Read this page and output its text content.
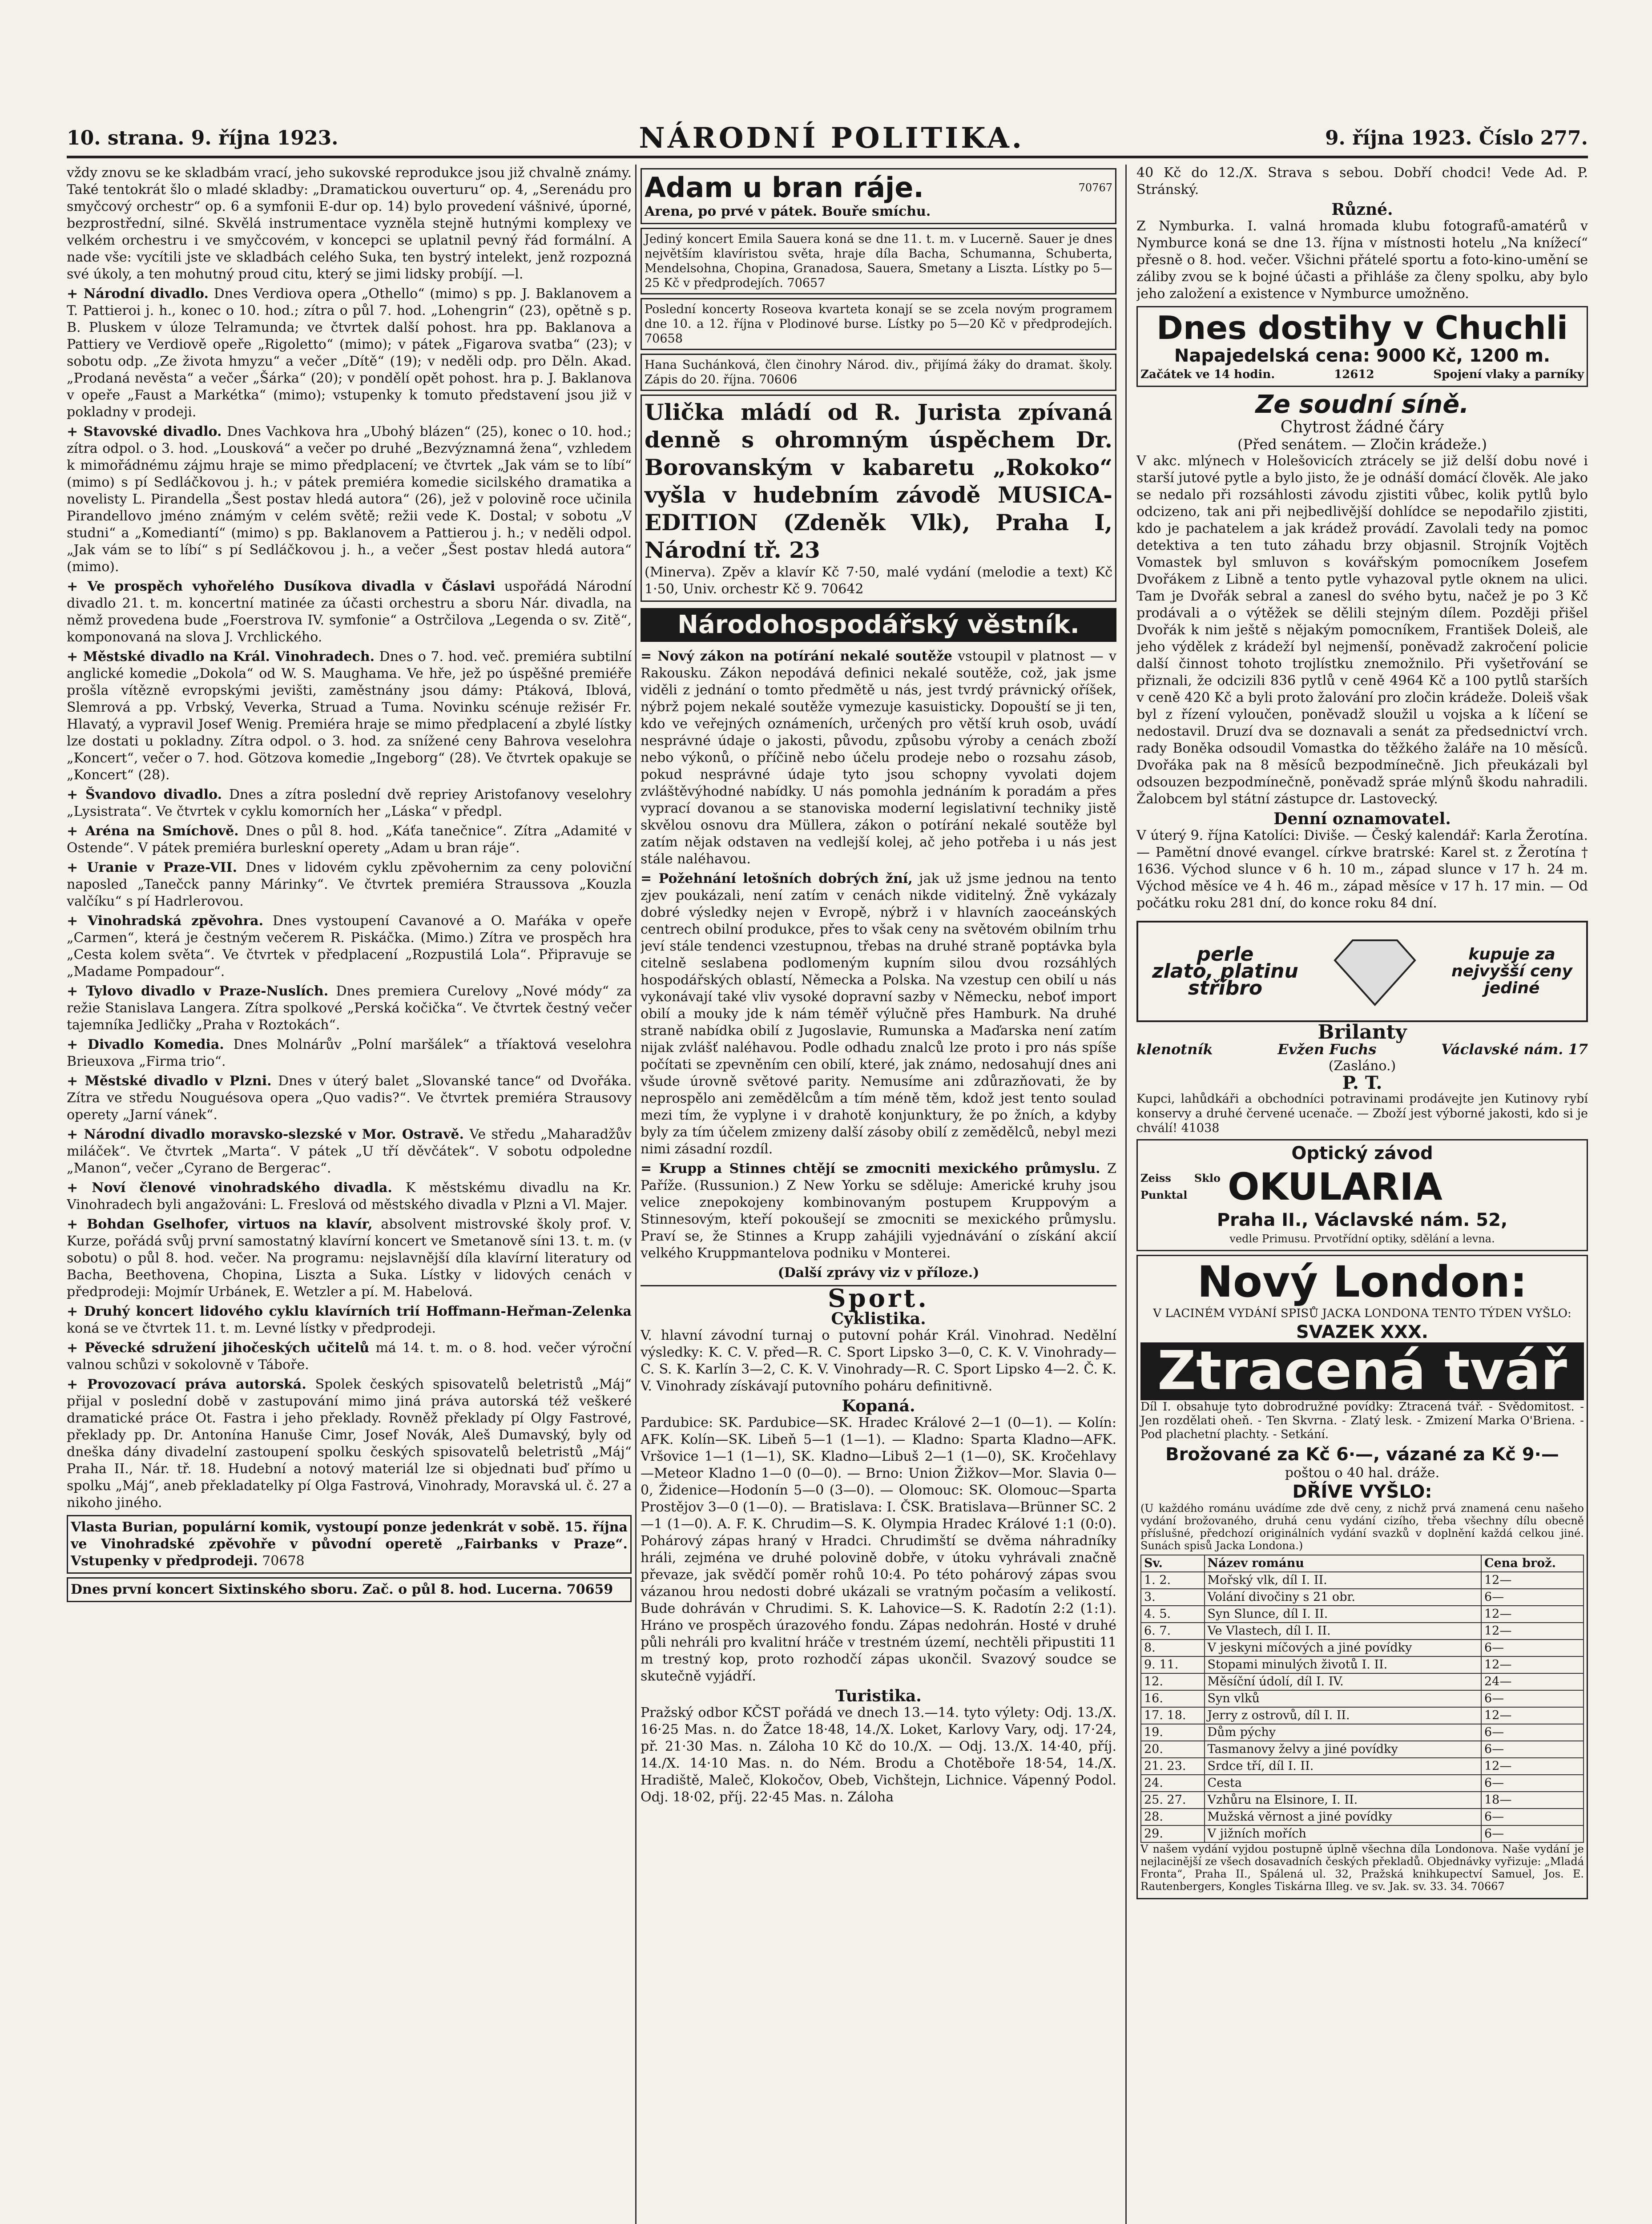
10. strana. 9. října 1923.	NÁRODNÍ POLITIKA.	9. října 1923. Číslo 277.

vždy znovu se ke skladbám vrací, jeho sukovské reprodukce jsou již chvalně známy. Také tentokrát šlo o mladé skladby: „Dramatickou ouverturu“ op. 4, „Serenádu pro smyčcový orchestr“ op. 6 a symfonii E-dur op. 14) bylo provedení vášnivé, úporné, bezprostřední, silné. Skvělá instrumentace vyzněla stejně hutnými komplexy ve velkém orchestru i ve smyčcovém, v koncepci se uplatnil pevný řád formální. A nade vše: vycítili jste ve skladbách celého Suka, ten bystrý intelekt, jenž rozpozná své úkoly, a ten mohutný proud citu, který se jimi lidsky probíjí. —l.

+ Národní divadlo. Dnes Verdiova opera „Othello“ (mimo) s pp. J. Baklanovem a T. Pattieroi j. h., konec o 10. hod.; zítra o půl 7. hod. „Lohengrin“ (23), opětně s p. B. Pluskem v úloze Telramunda; ve čtvrtek další pohost. hra pp. Baklanova a Pattiery ve Verdiově opeře „Rigoletto“ (mimo); v pátek „Figarova svatba“ (23); v sobotu odp. „Ze života hmyzu“ a večer „Dítě“ (19); v neděli odp. pro Děln. Akad. „Prodaná nevěsta“ a večer „Šárka“ (20); v pondělí opět pohost. hra p. J. Baklanova v opeře „Faust a Markétka“ (mimo); vstupenky k tomuto představení jsou již v pokladny v prodeji.

+ Stavovské divadlo. Dnes Vachkova hra „Ubohý blázen“ (25), konec o 10. hod.; zítra odpol. o 3. hod. „Lousková“ a večer po druhé „Bezvýznamná žena“, vzhledem k mimořádnému zájmu hraje se mimo předplacení; ve čtvrtek „Jak vám se to líbí“ (mimo) s pí Sedláčkovou j. h.; v pátek premiéra komedie sicilského dramatika a novelisty L. Pirandella „Šest postav hledá autora“ (26), jež v polovině roce učinila Pirandellovo jméno známým v celém světě; režii vede K. Dostal; v sobotu „V studni“ a „Komediantí“ (mimo) s pp. Baklanovem a Pattierou j. h.; v neděli odpol. „Jak vám se to líbí“ s pí Sedláčkovou j. h., a večer „Šest postav hledá autora“ (mimo).

+ Ve prospěch vyhořelého Dusíkova divadla v Čáslavi uspořádá Národní divadlo 21. t. m. koncertní matinée za účasti orchestru a sboru Nár. divadla, na němž provedena bude „Foerstrova IV. symfonie“ a Ostrčilova „Legenda o sv. Zitě“, komponovaná na slova J. Vrchlického.

+ Městské divadlo na Král. Vinohradech. Dnes o 7. hod. več. premiéra subtilní anglické komedie „Dokola“ od W. S. Maughama. Ve hře, jež po úspěšné premiéře prošla vítězně evropskými jevišti, zaměstnány jsou dámy: Ptáková, Iblová, Slemrová a pp. Vrbský, Veverka, Struad a Tuma. Novinku scénuje režisér Fr. Hlavatý, a vypravil Josef Wenig. Premiéra hraje se mimo předplacení a zbylé lístky lze dostati u pokladny. Zítra odpol. o 3. hod. za snížené ceny Bahrova veselohra „Koncert“, večer o 7. hod. Götzova komedie „Ingeborg“ (28). Ve čtvrtek opakuje se „Koncert“ (28).

+ Švandovo divadlo. Dnes a zítra poslední dvě repriey Aristofanovy veselohry „Lysistrata“. Ve čtvrtek v cyklu komorních her „Láska“ v předpl.

+ Aréna na Smíchově. Dnes o půl 8. hod. „Káťa tanečnice“. Zítra „Adamité v Ostende“. V pátek premiéra burleskní operety „Adam u bran ráje“.

+ Uranie v Praze-VII. Dnes v lidovém cyklu zpěvohernim za ceny poloviční naposled „Tanečck panny Márinky“. Ve čtvrtek premiéra Straussova „Kouzla valčíku“ s pí Hadrlerovou.

+ Vinohradská zpěvohra. Dnes vystoupení Cavanové a O. Maŕáka v opeře „Carmen“, která je čestným večerem R. Piskáčka. (Mimo.) Zítra ve prospěch hra „Cesta kolem světa“. Ve čtvrtek v předplacení „Rozpustilá Lola“. Připravuje se „Madame Pompadour“.

+ Tylovo divadlo v Praze-Nuslích. Dnes premiera Curelovy „Nové módy“ za režie Stanislava Langera. Zítra spolkové „Perská kočička“. Ve čtvrtek čestný večer tajemníka Jedličky „Praha v Roztokách“.

+ Divadlo Komedia. Dnes Molnárův „Polní maršálek“ a tříaktová veselohra Brieuxova „Firma trio“.

+ Městské divadlo v Plzni. Dnes v úterý balet „Slovanské tance“ od Dvořáka. Zítra ve středu Nouguésova opera „Quo vadis?“. Ve čtvrtek premiéra Strausovy operety „Jarní vánek“.

+ Národní divadlo moravsko-slezské v Mor. Ostravě. Ve středu „Maharadžův miláček“. Ve čtvrtek „Marta“. V pátek „U tří děvčátek“. V sobotu odpoledne „Manon“, večer „Cyrano de Bergerac“.

+ Noví členové vinohradského divadla. K městskému divadlu na Kr. Vinohradech byli angažováni: L. Freslová od městského divadla v Plzni a Vl. Majer.

+ Bohdan Gselhofer, virtuos na klavír, absolvent mistrovské školy prof. V. Kurze, pořádá svůj první samostatný klavírní koncert ve Smetanově síni 13. t. m. (v sobotu) o půl 8. hod. večer. Na programu: nejslavnější díla klavírní literatury od Bacha, Beethovena, Chopina, Liszta a Suka. Lístky v lidových cenách v předprodeji: Mojmír Urbánek, E. Wetzler a pí. M. Habelová.

+ Druhý koncert lidového cyklu klavírních trií Hoffmann-Heřman-Zelenka koná se ve čtvrtek 11. t. m. Levné lístky v předprodeji.

+ Pěvecké sdružení jihočeských učitelů má 14. t. m. o 8. hod. večer výroční valnou schůzi v sokolovně v Táboře.

+ Provozovací práva autorská. Spolek českých spisovatelů beletristů „Máj“ přijal v poslední době v zastupování mimo jiná práva autorská též veškeré dramatické práce Ot. Fastra i jeho překlady. Rovněž překlady pí Olgy Fastrové, překlady pp. Dr. Antonína Hanuše Cimr, Josef Novák, Aleš Dumavský, byly od dneška dány divadelní zastoupení spolku českých spisovatelů beletristů „Máj“ Praha II., Nár. tř. 18. Hudební a notový materiál lze si objednati buď přímo u spolku „Máj“, aneb překladatelky pí Olga Fastrová, Vinohrady, Moravská ul. č. 27 a nikoho jiného.

Vlasta Burian, populární komik, vystoupí ponze jedenkrát v sobě. 15. října ve Vinohradské zpěvohře v původní operetě „Fairbanks v Praze“. Vstupenky v předprodeji. 70678
Dnes první koncert Sixtinského sboru. Zač. o půl 8. hod. Lucerna. 70659
Adam u bran ráje.	70767
Arena, po prvé v pátek. Bouře smíchu.
Jediný koncert Emila Sauera koná se dne 11. t. m. v Lucerně. Sauer je dnes největším klavíristou světa, hraje díla Bacha, Schumanna, Schuberta, Mendelsohna, Chopina, Granadosa, Sauera, Smetany a Liszta. Lístky po 5—25 Kč v předprodejích. 70657
Poslední koncerty Roseova kvarteta konají se se zcela novým programem dne 10. a 12. října v Plodinové burse. Lístky po 5—20 Kč v předprodejích. 70658
Hana Suchánková, člen činohry Národ. div., přijímá žáky do dramat. školy. Zápis do 20. října. 70606
Ulička mládí od R. Jurista zpívaná denně s ohromným úspěchem Dr. Borovanským v kabaretu „Rokoko“ vyšla v hudebním závodě MUSICA-EDITION (Zdeněk Vlk), Praha I, Národní tř. 23
(Minerva). Zpěv a klavír Kč 7·50, malé vydání (melodie a text) Kč 1·50, Univ. orchestr Kč 9. 70642
Národohospodářský věstník.

= Nový zákon na potírání nekalé soutěže vstoupil v platnost — v Rakousku. Zákon nepodává definici nekalé soutěže, což, jak jsme viděli z jednání o tomto předmětě u nás, jest tvrdý právnický oříšek, nýbrž pojem nekalé soutěže vymezuje kasuisticky. Dopouští se ji ten, kdo ve veřejných oznámeních, určených pro větší kruh osob, uvádí nesprávné údaje o jakosti, původu, způsobu výroby a cenách zboží nebo výkonů, o příčině nebo účelu prodeje nebo o rozsahu zásob, pokud nesprávné údaje tyto jsou schopny vyvolati dojem zvláštěvýhodné nabídky. U nás pomohla jednáním k poradám a přes vyprací dovanou a se stanoviska moderní legislativní techniky jistě skvělou osnovu dra Müllera, zákon o potírání nekalé soutěže byl zatím nějak odstaven na vedlejší kolej, ač jeho potřeba i u nás jest stále naléhavou.

= Požehnání letošních dobrých žní, jak už jsme jednou na tento zjev poukázali, není zatím v cenách nikde viditelný. Žně vykázaly dobré výsledky nejen v Evropě, nýbrž i v hlavních zaoceánských centrech obilní produkce, přes to však ceny na světovém obilním trhu jeví stále tendenci vzestupnou, třebas na druhé straně poptávka byla citelně seslabena podlomeným kupním silou dvou rozsáhlých hospodářských oblastí, Německa a Polska. Na vzestup cen obilí u nás vykonávají také vliv vysoké dopravní sazby v Německu, neboť import obilí a mouky jde k nám téměř výlučně přes Hamburk. Na druhé straně nabídka obilí z Jugoslavie, Rumunska a Maďarska není zatím nijak zvlášť naléhavou. Podle odhadu znalců lze proto i pro nás spíše počítati se zpevněním cen obilí, které, jak známo, nedosahují dnes ani všude úrovně světové parity. Nemusíme ani zdůrazňovati, že by neprospělo ani zemědělcům a tím méně těm, kdož jest tento soulad mezi tím, že vyplyne i v drahotě konjunktury, že po žních, a kdyby byly za tím účelem zmizeny další zásoby obilí z zemědělců, nebyl mezi nimi zásadní rozdíl.

= Krupp a Stinnes chtějí se zmocniti mexického průmyslu. Z Paříže. (Russunion.) Z New Yorku se sděluje: Americké kruhy jsou velice znepokojeny kombinovaným postupem Kruppovým a Stinnesovým, kteří pokoušejí se zmocniti se mexického průmyslu. Praví se, že Stinnes a Krupp zahájili vyjednávání o získání akcií velkého Kruppmantelova podniku v Monterei.

(Další zprávy viz v příloze.)

Sport.
Cyklistika.

V. hlavní závodní turnaj o putovní pohár Král. Vinohrad. Nedělní výsledky: K. C. V. před—R. C. Sport Lipsko 3—0, C. K. V. Vinohrady—C. S. K. Karlín 3—2, C. K. V. Vinohrady—R. C. Sport Lipsko 4—2. Č. K. V. Vinohrady získávají putovního poháru definitivně.

Kopaná.

Pardubice: SK. Pardubice—SK. Hradec Králové 2—1 (0—1). — Kolín: AFK. Kolín—SK. Libeň 5—1 (1—1). — Kladno: Sparta Kladno—AFK. Vršovice 1—1 (1—1), SK. Kladno—Libuš 2—1 (1—0), SK. Kročehlavy—Meteor Kladno 1—0 (0—0). — Brno: Union Žižkov—Mor. Slavia 0—0, Židenice—Hodonín 5—0 (3—0). — Olomouc: SK. Olomouc—Sparta Prostějov 3—0 (1—0). — Bratislava: I. ČSK. Bratislava—Brünner SC. 2—1 (1—0). A. F. K. Chrudim—S. K. Olympia Hradec Králové 1:1 (0:0). Pohárový zápas hraný v Hradci. Chrudimští se dvěma náhradníky hráli, zejména ve druhé polovině dobře, v útoku vyhrávali značně převaze, jak svědčí poměr rohů 10:4. Po této pohárový zápas svou vázanou hrou nedosti dobré ukázali se vratným počasím a velikostí. Bude dohráván v Chrudimi. S. K. Lahovice—S. K. Radotín 2:2 (1:1). Hráno ve prospěch úrazového fondu. Zápas nedohrán. Hosté v druhé půli nehráli pro kvalitní hráče v trestném území, nechtěli připustiti 11 m trestný kop, proto rozhodčí zápas ukončil. Svazový soudce se skutečně vyjádří.

Turistika.

Pražský odbor KČST pořádá ve dnech 13.—14. tyto výlety: Odj. 13./X. 16·25 Mas. n. do Žatce 18·48, 14./X. Loket, Karlovy Vary, odj. 17·24, př. 21·30 Mas. n. Záloha 10 Kč do 10./X. — Odj. 13./X. 14·40, příj. 14./X. 14·10 Mas. n. do Ném. Brodu a Chotěboře 18·54, 14./X. Hradiště, Maleč, Klokočov, Obeb, Vichštejn, Lichnice. Vápenný Podol. Odj. 18·02, příj. 22·45 Mas. n. Záloha

40 Kč do 12./X. Strava s sebou. Dobří chodci! Vede Ad. P. Stránský.

Různé.

Z Nymburka. I. valná hromada klubu fotografů-amatérů v Nymburce koná se dne 13. října v místnosti hotelu „Na knížecí“ přesně o 8. hod. večer. Všichni přátelé sportu a foto-kino-umění se záliby zvou se k bojné účasti a přihláše za členy spolku, aby bylo jeho založení a existence v Nymburce umožněno.

Dnes dostihy v Chuchli
Napajedelská cena: 9000 Kč, 1200 m.
Začátek ve 14 hodin.	12612	Spojení vlaky a parníky
Ze soudní síně.
Chytrost žádné čáry
(Před senátem. — Zločin krádeže.)

V akc. mlýnech v Holešovicích ztrácely se již delší dobu nové i starší jutové pytle a bylo jisto, že je odnáší domácí člověk. Ale jako se nedalo při rozsáhlosti závodu zjistiti vůbec, kolik pytlů bylo odcizeno, tak ani při nejbedlivější dohlídce se nepodařilo zjistiti, kdo je pachatelem a jak krádež provádí. Zavolali tedy na pomoc detektiva a ten tuto záhadu brzy objasnil. Strojník Vojtěch Vomastek byl smluvon s kovářským pomocníkem Josefem Dvořákem z Libně a tento pytle vyhazoval pytle oknem na ulici. Tam je Dvořák sebral a zanesl do svého bytu, načež je po 3 Kč prodávali a o výtěžek se dělili stejným dílem. Později přišel Dvořák k nim ještě s nějakým pomocníkem, František Doleiš, ale jeho výdělek z krádeží byl nejmenší, poněvadž zakročení policie další činnost tohoto trojlístku znemožnilo. Při vyšetřování se přiznali, že odcizili 836 pytlů v ceně 4964 Kč a 100 pytlů starších v ceně 420 Kč a byli proto žalování pro zločin krádeže. Doleiš však byl z řízení vyloučen, poněvadž sloužil u vojska a k líčení se nedostavil. Druzí dva se doznavali a senát za předsednictví vrch. rady Boněka odsoudil Vomastka do těžkého žaláře na 10 měsíců. Dvořáka pak na 8 měsíců bezpodmínečně. Jich přeukázali byl odsouzen bezpodmínečně, poněvadž spráe mlýnů škodu nahradili. Žalobcem byl státní zástupce dr. Lastovecký.

Denní oznamovatel.

V úterý 9. října Katolíci: Diviše. — Český kalendář: Karla Žerotína. — Pamětní dnové evangel. církve bratrské: Karel st. z Žerotína † 1636. Východ slunce v 6 h. 10 m., západ slunce v 17 h. 24 m. Východ měsíce ve 4 h. 46 m., západ měsíce v 17 h. 17 min. — Od počátku roku 281 dní, do konce roku 84 dní.

perle
zlato, platinu
stříbro
kupuje za
nejvyšší ceny
jediné
Brilanty
klenotník	Evžen Fuchs	Václavské nám. 17
(Zasláno.)
P. T.

Kupci, lahůdkáři a obchodníci potravinami prodávejte jen Kutinovy rybí konservy a druhé červené ucenače. — Zboží jest výborné jakosti, kdo si je chválí! 41038

Optický závod
Zeiss Sklo Punktal	OKULARIA
Praha II., Václavské nám. 52,
vedle Primusu. Prvotřídní optiky, sdělání a levna.
Nový London:
V LACINÉM VYDÁNÍ SPISŮ JACKA LONDONA TENTO TÝDEN VYŠLO:
SVAZEK XXX.
Ztracená tvář

Díl I. obsahuje tyto dobrodružné povídky: Ztracená tvář. - Svědomitost. - Jen rozdělati oheň. - Ten Skvrna. - Zlatý lesk. - Zmizení Marka O'Briena. - Pod plachetní plachty. - Setkání.

Brožované za Kč 6·—, vázané za Kč 9·—
poštou o 40 hal. dráže.
DŘÍVE VYŠLO:

(U každého románu uvádíme zde dvě ceny, z nichž prvá znamená cenu našeho vydání brožovaného, druhá cenu vydání cizího, třeba všechny dílu obecně příslušné, předchozí originálních vydání svazků v doplnění každá celkou jiné. Sunách spisů Jacka Londona.)

Sv.	Název románu	Cena brož.
1. 2.	Mořský vlk, díl I. II.	12—
3.	Volání divočiny s 21 obr.	6—
4. 5.	Syn Slunce, díl I. II.	12—
6. 7.	Ve Vlastech, díl I. II.	12—
8.	V jeskyni míčových a jiné povídky	6—
9. 11.	Stopami minulých životů I. II.	12—
12.	Měsíční údolí, díl I. IV.	24—
16.	Syn vlků	6—
17. 18.	Jerry z ostrovů, díl I. II.	12—
19.	Dům pýchy	6—
20.	Tasmanovy želvy a jiné povídky	6—
21. 23.	Srdce tří, díl I. II.	12—
24.	Cesta	6—
25. 27.	Vzhůru na Elsinore, I. II.	18—
28.	Mužská věrnost a jiné povídky	6—
29.	V jižních mořích	6—

V našem vydání vyjdou postupně úplně všechna díla Londonova. Naše vydání je nejlacinější ze všech dosavadních českých překladů. Objednávky vyřizuje: „Mladá Fronta“, Praha II., Spálená ul. 32, Pražská knihkupectví Samuel, Jos. E. Rautenbergers, Kongles Tiskárna Illeg. ve sv. Jak. sv. 33. 34. 70667
